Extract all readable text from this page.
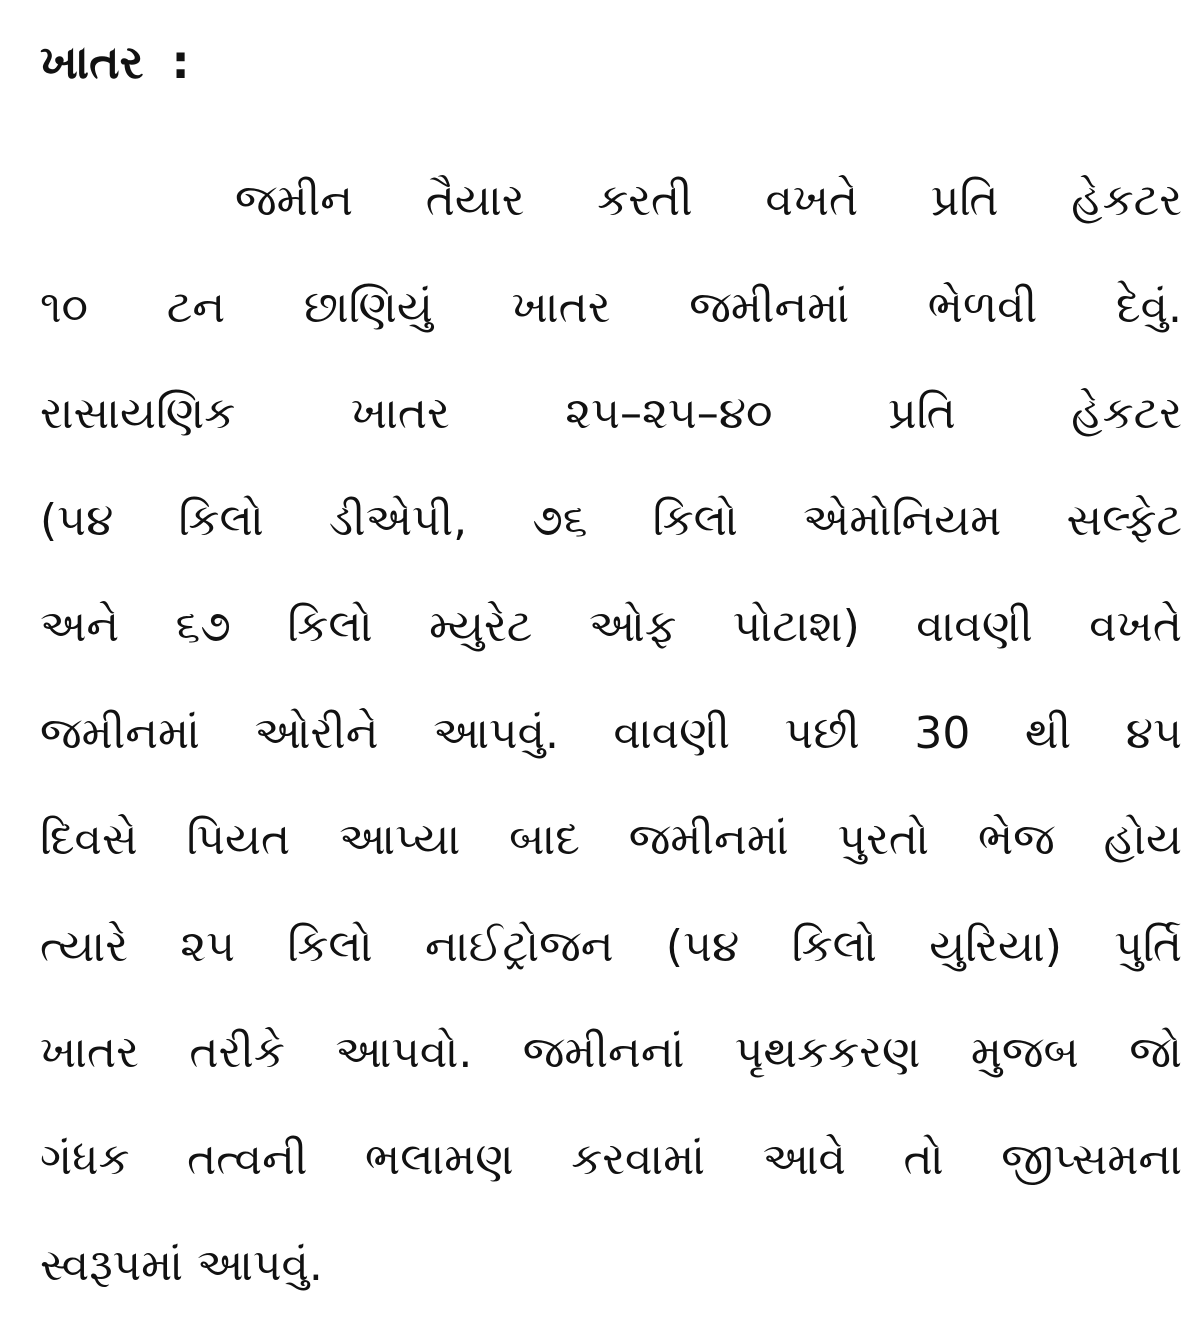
ખાતર :
જમીન તૈયાર કરતી વખતે પ્રતિ હેકટર
૧૦ ટન છાણિયું ખાતર જમીનમાં ભેળવી દેવું.
રાસાયણિક ખાતર ૨૫–૨૫–૪૦ પ્રતિ હેકટર
(૫૪ કિલો ડીએપી, ૭૬ કિલો એમોનિયમ સલ્ફેટ
અને ૬૭ કિલો મ્યુરેટ ઓફ પોટાશ) વાવણી વખતે
જમીનમાં ઓરીને આપવું. વાવણી પછી 30 થી ૪૫
દિવસે પિયત આપ્યા બાદ જમીનમાં પુરતો ભેજ હોય
ત્યારે ૨૫ કિલો નાઈટ્રોજન (૫૪ કિલો યુરિયા) પુર્તિ
ખાતર તરીકે આપવો. જમીનનાં પૃથકકરણ મુજબ જો
ગંધક તત્વની ભલામણ કરવામાં આવે તો જીપ્સમના
સ્વરૂપમાં આપવું.
